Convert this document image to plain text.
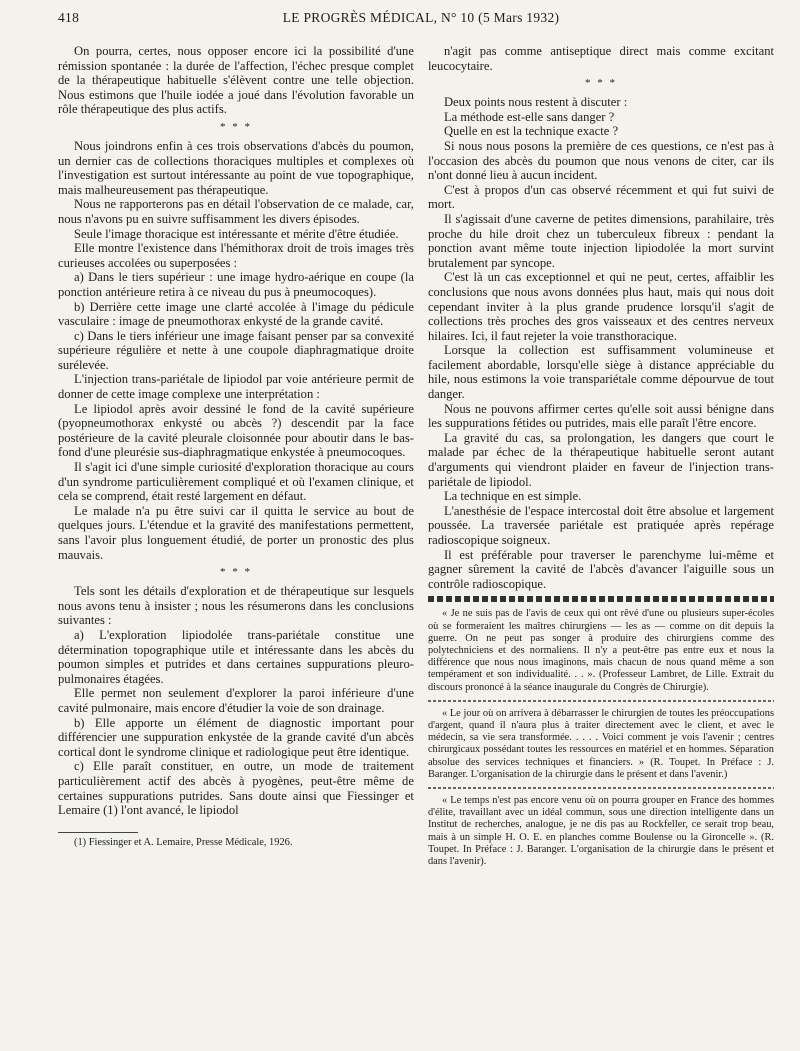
418	LE PROGRÈS MÉDICAL, N° 10 (5 Mars 1932)

On pourra, certes, nous opposer encore ici la possibilité d'une rémission spontanée : la durée de l'affection, l'échec presque complet de la thérapeutique habituelle s'élèvent contre une telle objection. Nous estimons que l'huile iodée a joué dans l'évolution favorable un rôle thérapeutique des plus actifs.

* * *

Nous joindrons enfin à ces trois observations d'abcès du poumon, un dernier cas de collections thoraciques multiples et complexes où l'investigation est surtout intéressante au point de vue topographique, mais malheureusement pas thérapeutique.

Nous ne rapporterons pas en détail l'observation de ce malade, car, nous n'avons pu en suivre suffisamment les divers épisodes.

Seule l'image thoracique est intéressante et mérite d'être étudiée.

Elle montre l'existence dans l'hémithorax droit de trois images très curieuses accolées ou superposées :

a) Dans le tiers supérieur : une image hydro-aérique en coupe (la ponction antérieure retira à ce niveau du pus à pneumocoques).

b) Derrière cette image une clarté accolée à l'image du pédicule vasculaire : image de pneumothorax enkysté de la grande cavité.

c) Dans le tiers inférieur une image faisant penser par sa convexité supérieure régulière et nette à une coupole diaphragmatique droite surélevée.

L'injection trans-pariétale de lipiodol par voie antérieure permit de donner de cette image complexe une interprétation :

Le lipiodol après avoir dessiné le fond de la cavité supérieure (pyopneumothorax enkysté ou abcès ?) descendit par la face postérieure de la cavité pleurale cloisonnée pour aboutir dans le bas-fond d'une pleurésie sus-diaphragmatique enkystée à pneumocoques.

Il s'agit ici d'une simple curiosité d'exploration thoracique au cours d'un syndrome particulièrement compliqué et où l'examen clinique, et cela se comprend, était resté largement en défaut.

Le malade n'a pu être suivi car il quitta le service au bout de quelques jours. L'étendue et la gravité des manifestations permettent, sans l'avoir plus longuement étudié, de porter un pronostic des plus mauvais.

* * *

Tels sont les détails d'exploration et de thérapeutique sur lesquels nous avons tenu à insister ; nous les résumerons dans les conclusions suivantes :

a) L'exploration lipiodolée trans-pariétale constitue une détermination topographique utile et intéressante dans les abcès du poumon simples et putrides et dans certaines suppurations pleuro-pulmonaires étagées.

Elle permet non seulement d'explorer la paroi inférieure d'une cavité pulmonaire, mais encore d'étudier la voie de son drainage.

b) Elle apporte un élément de diagnostic important pour différencier une suppuration enkystée de la grande cavité d'un abcès cortical dont le syndrome clinique et radiologique peut être identique.

c) Elle paraît constituer, en outre, un mode de traitement particulièrement actif des abcès à pyogènes, peut-être même de certaines suppurations putrides. Sans doute ainsi que Fiessinger et Lemaire (1) l'ont avancé, le lipiodol

(1) Fiessinger et A. Lemaire, Presse Médicale, 1926.

n'agit pas comme antiseptique direct mais comme excitant leucocytaire.

* * *

Deux points nous restent à discuter :

La méthode est-elle sans danger ?

Quelle en est la technique exacte ?

Si nous nous posons la première de ces questions, ce n'est pas à l'occasion des abcès du poumon que nous venons de citer, car ils n'ont donné lieu à aucun incident.

C'est à propos d'un cas observé récemment et qui fut suivi de mort.

Il s'agissait d'une caverne de petites dimensions, parahilaire, très proche du hile droit chez un tuberculeux fibreux : pendant la ponction avant même toute injection lipiodolée la mort survint brutalement par syncope.

C'est là un cas exceptionnel et qui ne peut, certes, affaiblir les conclusions que nous avons données plus haut, mais qui nous doit cependant inviter à la plus grande prudence lorsqu'il s'agit de collections très proches des gros vaisseaux et des centres nerveux hilaires. Ici, il faut rejeter la voie transthoracique.

Lorsque la collection est suffisamment volumineuse et facilement abordable, lorsqu'elle siège à distance appréciable du hile, nous estimons la voie transpariétale comme dépourvue de tout danger.

Nous ne pouvons affirmer certes qu'elle soit aussi bénigne dans les suppurations fétides ou putrides, mais elle paraît l'être encore.

La gravité du cas, sa prolongation, les dangers que court le malade par échec de la thérapeutique habituelle seront autant d'arguments qui viendront plaider en faveur de l'injection trans-pariétale de lipiodol.

La technique en est simple.

L'anesthésie de l'espace intercostal doit être absolue et largement poussée. La traversée pariétale est pratiquée après repérage radioscopique soigneux.

Il est préférable pour traverser le parenchyme lui-même et gagner sûrement la cavité de l'abcès d'avancer l'aiguille sous un contrôle radioscopique.

« Je ne suis pas de l'avis de ceux qui ont rêvé d'une ou plusieurs super-écoles où se formeraient les maîtres chirurgiens — les as — comme on dit depuis la guerre. On ne peut pas songer à produire des chirurgiens comme des polytechniciens et des normaliens. Il n'y a peut-être pas entre eux et nous la différence que nous nous imaginons, mais chacun de nous quand même a son tempérament et son individualité. . . ». (Professeur Lambret, de Lille. Extrait du discours prononcé à la séance inaugurale du Congrès de Chirurgie).

« Le jour où on arrivera à débarrasser le chirurgien de toutes les préoccupations d'argent, quand il n'aura plus à traiter directement avec le client, et avec le médecin, sa vie sera transformée. . . . . Voici comment je vois l'avenir ; centres chirurgicaux possédant toutes les ressources en matériel et en hommes. Séparation absolue des services techniques et financiers. » (R. Toupet. In Préface : J. Baranger. L'organisation de la chirurgie dans le présent et dans l'avenir.)

« Le temps n'est pas encore venu où on pourra grouper en France des hommes d'élite, travaillant avec un idéal commun, sous une direction intelligente dans un Institut de recherches, analogue, je ne dis pas au Rockfeller, ce serait trop beau, mais à un simple H. O. E. en planches comme Boulense ou la Gironcelle ». (R. Toupet. In Préface : J. Baranger. L'organisation de la chirurgie dans le présent et dans l'avenir).
